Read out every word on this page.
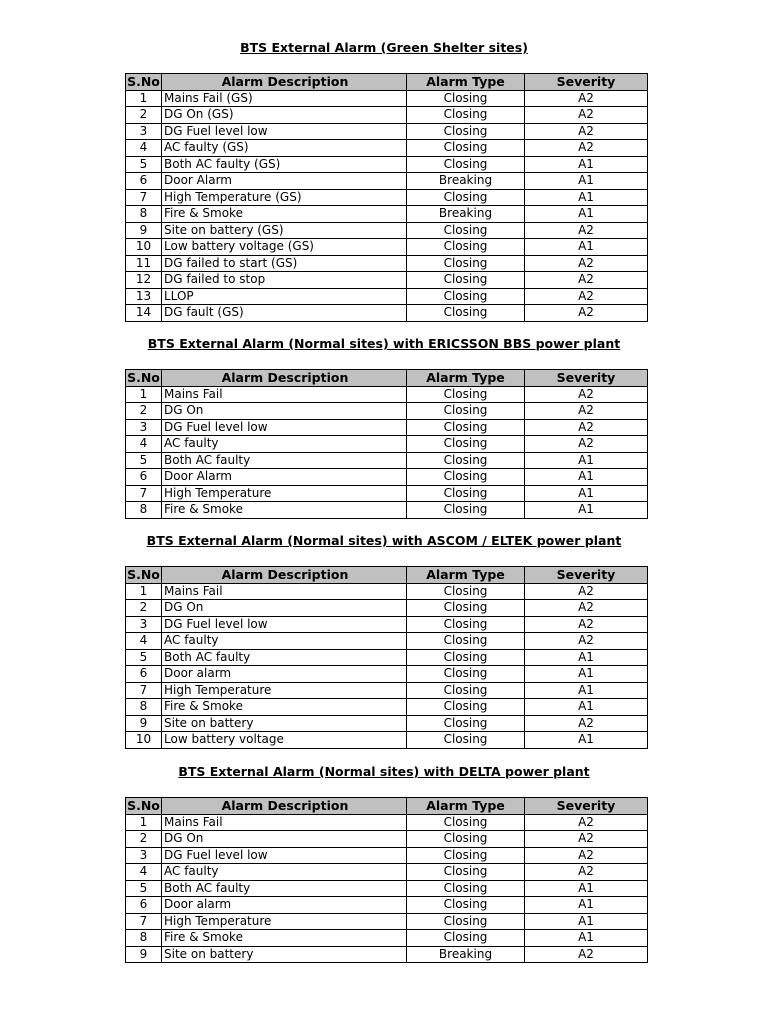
BTS External Alarm (Green Shelter sites)
S.No	Alarm Description	Alarm Type	Severity
1	Mains Fail (GS)	Closing	A2
2	DG On (GS)	Closing	A2
3	DG Fuel level low	Closing	A2
4	AC faulty (GS)	Closing	A2
5	Both AC faulty (GS)	Closing	A1
6	Door Alarm	Breaking	A1
7	High Temperature (GS)	Closing	A1
8	Fire & Smoke	Breaking	A1
9	Site on battery (GS)	Closing	A2
10	Low battery voltage (GS)	Closing	A1
11	DG failed to start (GS)	Closing	A2
12	DG failed to stop	Closing	A2
13	LLOP	Closing	A2
14	DG fault (GS)	Closing	A2
BTS External Alarm (Normal sites) with ERICSSON BBS power plant
S.No	Alarm Description	Alarm Type	Severity
1	Mains Fail	Closing	A2
2	DG On	Closing	A2
3	DG Fuel level low	Closing	A2
4	AC faulty	Closing	A2
5	Both AC faulty	Closing	A1
6	Door Alarm	Closing	A1
7	High Temperature	Closing	A1
8	Fire & Smoke	Closing	A1
BTS External Alarm (Normal sites) with ASCOM / ELTEK power plant
S.No	Alarm Description	Alarm Type	Severity
1	Mains Fail	Closing	A2
2	DG On	Closing	A2
3	DG Fuel level low	Closing	A2
4	AC faulty	Closing	A2
5	Both AC faulty	Closing	A1
6	Door alarm	Closing	A1
7	High Temperature	Closing	A1
8	Fire & Smoke	Closing	A1
9	Site on battery	Closing	A2
10	Low battery voltage	Closing	A1
BTS External Alarm (Normal sites) with DELTA power plant
S.No	Alarm Description	Alarm Type	Severity
1	Mains Fail	Closing	A2
2	DG On	Closing	A2
3	DG Fuel level low	Closing	A2
4	AC faulty	Closing	A2
5	Both AC faulty	Closing	A1
6	Door alarm	Closing	A1
7	High Temperature	Closing	A1
8	Fire & Smoke	Closing	A1
9	Site on battery	Breaking	A2
